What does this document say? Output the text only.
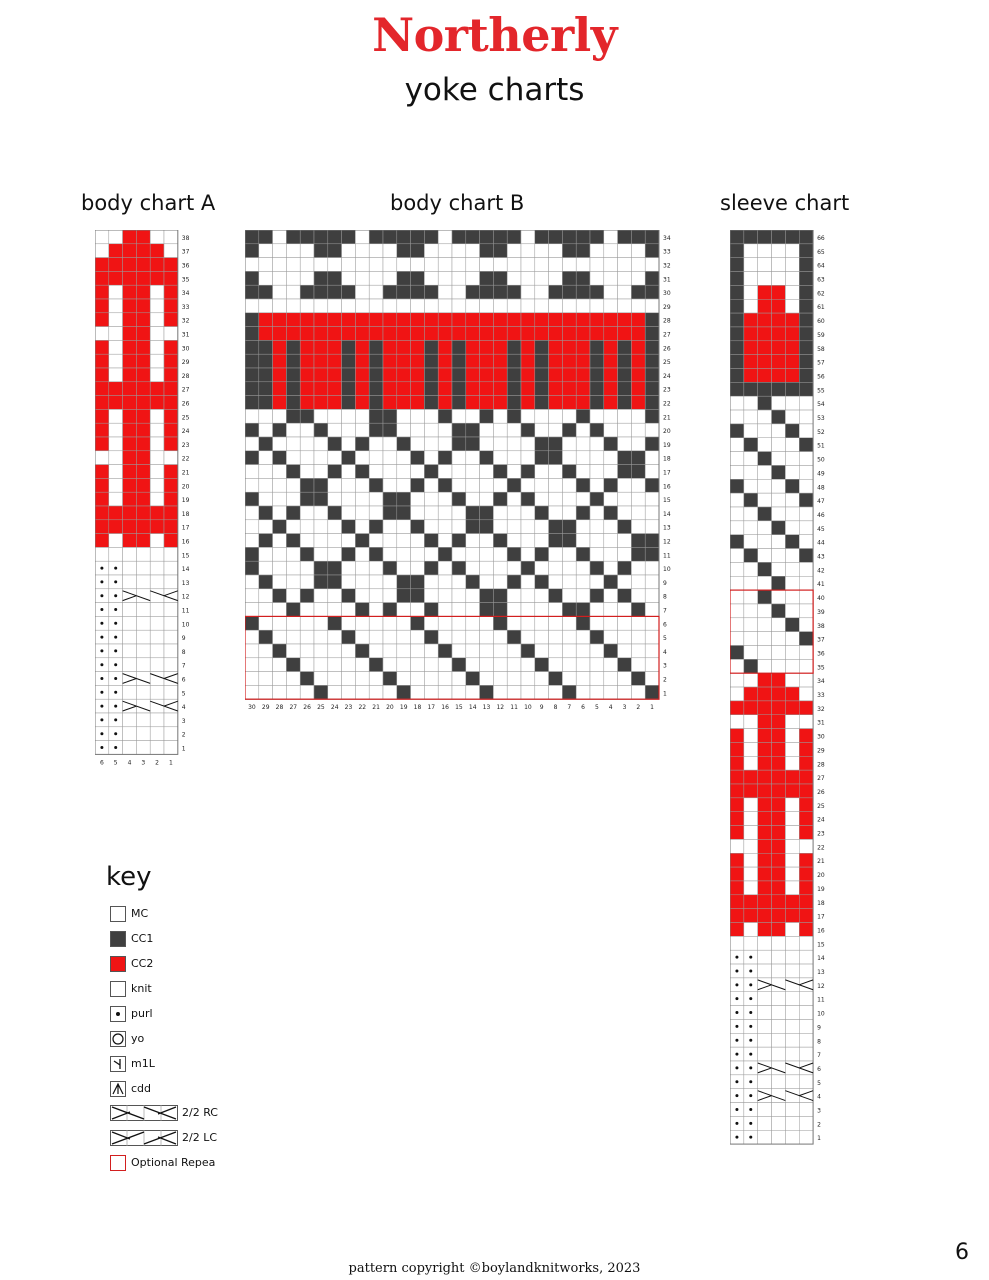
Northerly
yoke charts
body chart A	body chart B	sleeve chart
38
37
36
35
34
33
32
31
30
29
28
27
26
25
24
23
22
21
20
19
18
17
16
15
14
13
12
11
10
9
8
7
6
5
4
3
2
1
6 5 4 3 2 1
34
33
32
31
30
29
28
27
26
25
24
23
22
21
20
19
18
17
16
15
14
13
12
11
10
9
8
7
6
5
4
3
2
1
30 29 28 27 26 25 24 23 22 21 20 19 18 17 16 15 14 13 12 11 10 9 8 7 6 5 4 3 2 1
66
65
64
63
62
61
60
59
58
57
56
55
54
53
52
51
50
49
48
47
46
45
44
43
42
41
40
39
38
37
36
35
34
33
32
31
30
29
28
27
26
25
24
23
22
21
20
19
18
17
16
15
14
13
12
11
10
9
8
7
6
5
4
3
2
1
key
MC
CC1
CC2
knit
purl
yo
m1L
cdd
2/2 RC
2/2 LC
Optional Repea
pattern copyright ©boylandknitworks, 2023
6
